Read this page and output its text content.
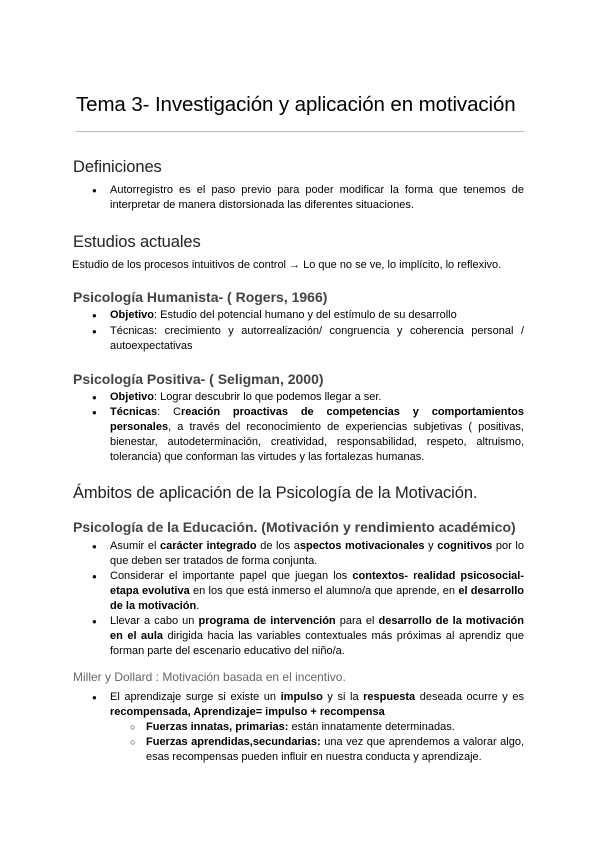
Tema 3- Investigación y aplicación en motivación
Definiciones
● Autorregistro es el paso previo para poder modificar la forma que tenemos de interpretar de manera distorsionada las diferentes situaciones.
Estudios actuales

Estudio de los procesos intuitivos de control → Lo que no se ve, lo implícito, lo reflexivo.

Psicología Humanista- ( Rogers, 1966)
● Objetivo: Estudio del potencial humano y del estímulo de su desarrollo
● Técnicas: crecimiento y autorrealización/ congruencia y coherencia personal / autoexpectativas
Psicología Positiva- ( Seligman, 2000)
● Objetivo: Lograr descubrir lo que podemos llegar a ser.
● Técnicas: Creación proactivas de competencias y comportamientos personales, a través del reconocimiento de experiencias subjetivas ( positivas, bienestar, autodeterminación, creatividad, responsabilidad, respeto, altruismo, tolerancia) que conforman las virtudes y las fortalezas humanas.
Ámbitos de aplicación de la Psicología de la Motivación.
Psicología de la Educación. (Motivación y rendimiento académico)
● Asumir el carácter integrado de los aspectos motivacionales y cognitivos por lo que deben ser tratados de forma conjunta.
● Considerar el importante papel que juegan los contextos- realidad psicosocial-etapa evolutiva en los que está inmerso el alumno/a que aprende, en el desarrollo de la motivación.
● Llevar a cabo un programa de intervención para el desarrollo de la motivación en el aula dirigida hacia las variables contextuales más próximas al aprendiz que forman parte del escenario educativo del niño/a.
Miller y Dollard : Motivación basada en el incentivo.
● El aprendizaje surge si existe un impulso y si la respuesta deseada ocurre y es recompensada, Aprendizaje= impulso + recompensa
○ Fuerzas innatas, primarias: están innatamente determinadas.
○ Fuerzas aprendidas,secundarias: una vez que aprendemos a valorar algo, esas recompensas pueden influir en nuestra conducta y aprendizaje.
